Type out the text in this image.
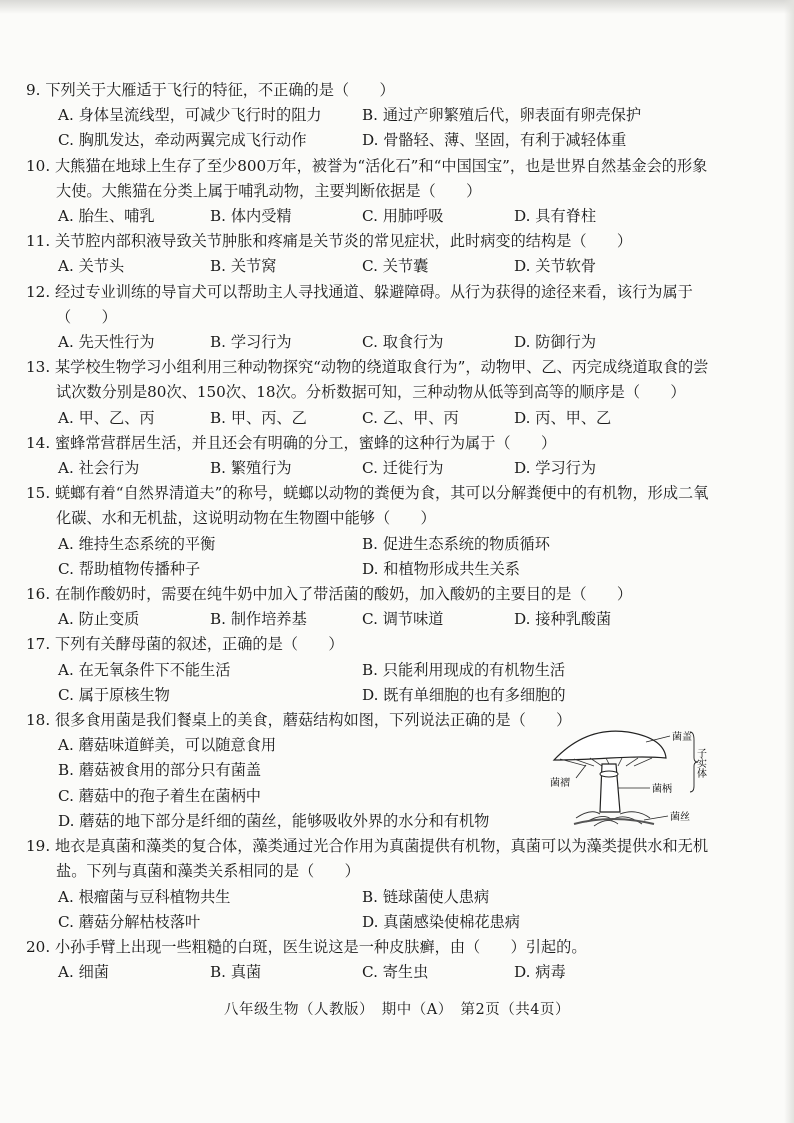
9. 下列关于大雁适于飞行的特征，不正确的是（　　）
A. 身体呈流线型，可减少飞行时的阻力	B. 通过产卵繁殖后代，卵表面有卵壳保护
C. 胸肌发达，牵动两翼完成飞行动作	D. 骨骼轻、薄、坚固，有利于减轻体重
10. 大熊猫在地球上生存了至少800万年，被誉为“活化石”和“中国国宝”，也是世界自然基金会的形象大使。大熊猫在分类上属于哺乳动物，主要判断依据是（　　）
A. 胎生、哺乳	B. 体内受精	C. 用肺呼吸	D. 具有脊柱
11. 关节腔内部积液导致关节肿胀和疼痛是关节炎的常见症状，此时病变的结构是（　　）
A. 关节头	B. 关节窝	C. 关节囊	D. 关节软骨
12. 经过专业训练的导盲犬可以帮助主人寻找通道、躲避障碍。从行为获得的途径来看，该行为属于（　　）
A. 先天性行为	B. 学习行为	C. 取食行为	D. 防御行为
13. 某学校生物学习小组利用三种动物探究“动物的绕道取食行为”，动物甲、乙、丙完成绕道取食的尝试次数分别是80次、150次、18次。分析数据可知，三种动物从低等到高等的顺序是（　　）
A. 甲、乙、丙	B. 甲、丙、乙	C. 乙、甲、丙	D. 丙、甲、乙
14. 蜜蜂常营群居生活，并且还会有明确的分工，蜜蜂的这种行为属于（　　）
A. 社会行为	B. 繁殖行为	C. 迁徙行为	D. 学习行为
15. 蜣螂有着“自然界清道夫”的称号，蜣螂以动物的粪便为食，其可以分解粪便中的有机物，形成二氧化碳、水和无机盐，这说明动物在生物圈中能够（　　）
A. 维持生态系统的平衡	B. 促进生态系统的物质循环
C. 帮助植物传播种子	D. 和植物形成共生关系
16. 在制作酸奶时，需要在纯牛奶中加入了带活菌的酸奶，加入酸奶的主要目的是（　　）
A. 防止变质	B. 制作培养基	C. 调节味道	D. 接种乳酸菌
17. 下列有关酵母菌的叙述，正确的是（　　）
A. 在无氧条件下不能生活	B. 只能利用现成的有机物生活
C. 属于原核生物	D. 既有单细胞的也有多细胞的
18. 很多食用菌是我们餐桌上的美食，蘑菇结构如图，下列说法正确的是（　　）
A. 蘑菇味道鲜美，可以随意食用
B. 蘑菇被食用的部分只有菌盖
C. 蘑菇中的孢子着生在菌柄中
D. 蘑菇的地下部分是纤细的菌丝，能够吸收外界的水分和有机物
菌盖
菌褶
菌柄
菌丝
子实体
19. 地衣是真菌和藻类的复合体，藻类通过光合作用为真菌提供有机物，真菌可以为藻类提供水和无机盐。下列与真菌和藻类关系相同的是（　　）
A. 根瘤菌与豆科植物共生	B. 链球菌使人患病
C. 蘑菇分解枯枝落叶	D. 真菌感染使棉花患病
20. 小孙手臂上出现一些粗糙的白斑，医生说这是一种皮肤癣，由（　　）引起的。
A. 细菌	B. 真菌	C. 寄生虫	D. 病毒
八年级生物（人教版）　期中（A）　第2页（共4页）
